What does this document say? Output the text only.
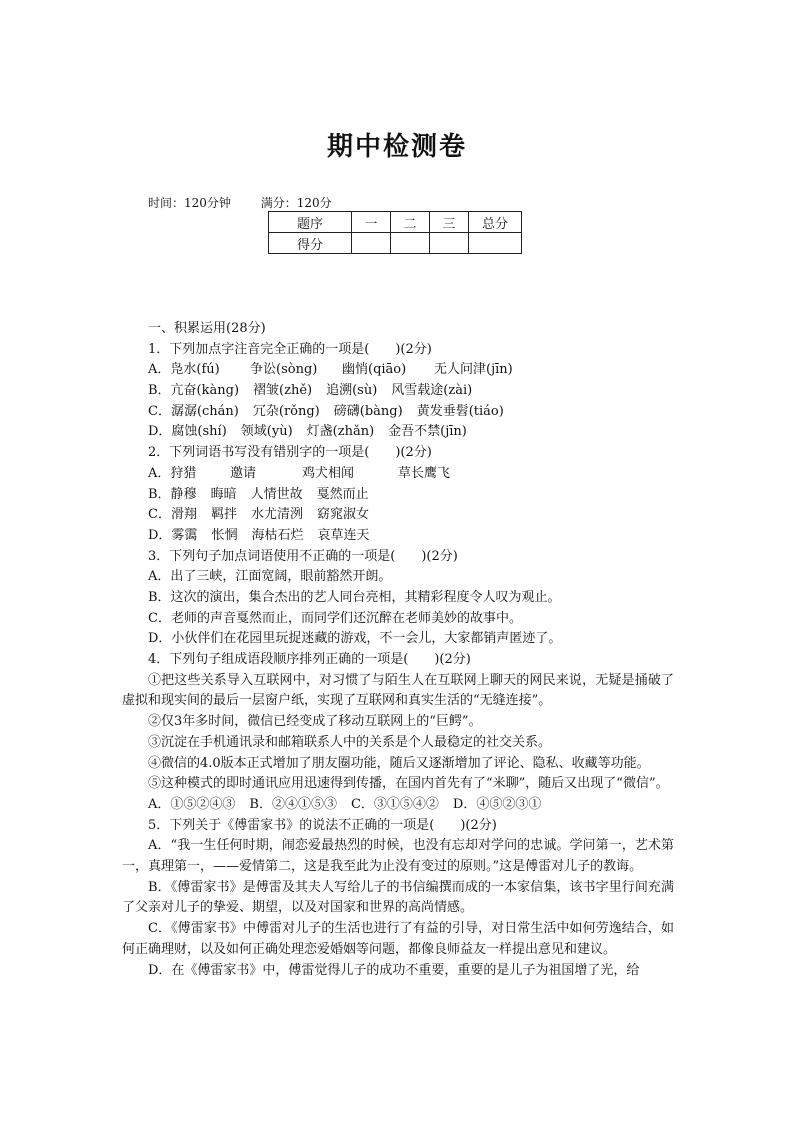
期中检测卷
时间：120分钟 满分：120分
题序	一	二	三	总分
得分				
一、积累运用(28分)
1．下列加点字注音完全正确的一项是(　　)(2分)
A．凫水(fú) 争讼(sòng) 幽悄(qiāo) 无人问津(jīn)
B．亢奋(kàng) 褶皱(zhě) 追溯(sù) 风雪载途(zài)
C．潺潺(chán) 冗杂(rǒng) 磅礴(bàng) 黄发垂髫(tiáo)
D．腐蚀(shí) 领域(yù) 灯盏(zhǎn) 金吾不禁(jīn)
2．下列词语书写没有错别字的一项是(　　)(2分)
A．狩猎	邀请	鸡犬相闻	草长鹰飞
B．静穆 晦暗 人情世故 戛然而止
C．滑翔 羁拌 水尤清洌 窈窕淑女
D．雾霭 怅惘 海枯石烂 哀草连天
3．下列句子加点词语使用不正确的一项是(　　)(2分)
A．出了三峡，江面宽阔，眼前豁然开朗。
B．这次的演出，集合杰出的艺人同台亮相，其精彩程度令人叹为观止。
C．老师的声音戛然而止，而同学们还沉醉在老师美妙的故事中。
D．小伙伴们在花园里玩捉迷藏的游戏，不一会儿，大家都销声匿迹了。
4．下列句子组成语段顺序排列正确的一项是(　　)(2分)
①把这些关系导入互联网中，对习惯了与陌生人在互联网上聊天的网民来说，无疑是捅破了虚拟和现实间的最后一层窗户纸，实现了互联网和真实生活的“无缝连接”。
②仅3年多时间，微信已经变成了移动互联网上的“巨鳄”。
③沉淀在手机通讯录和邮箱联系人中的关系是个人最稳定的社交关系。
④微信的4.0版本正式增加了朋友圈功能，随后又逐渐增加了评论、隐私、收藏等功能。
⑤这种模式的即时通讯应用迅速得到传播，在国内首先有了“米聊”，随后又出现了“微信”。
A．①⑤②④③ B．②④①⑤③ C．③①⑤④② D．④⑤②③①
5．下列关于《傅雷家书》的说法不正确的一项是(　　)(2分)
A．“我一生任何时期，闹恋爱最热烈的时候，也没有忘却对学问的忠诚。学问第一，艺术第一，真理第一，——爱情第二，这是我至此为止没有变过的原则。”这是傅雷对儿子的教诲。
B．《傅雷家书》是傅雷及其夫人写给儿子的书信编撰而成的一本家信集，该书字里行间充满了父亲对儿子的挚爱、期望，以及对国家和世界的高尚情感。
C．《傅雷家书》中傅雷对儿子的生活也进行了有益的引导，对日常生活中如何劳逸结合，如何正确理财，以及如何正确处理恋爱婚姻等问题，都像良师益友一样提出意见和建议。
D．在《傅雷家书》中，傅雷觉得儿子的成功不重要，重要的是儿子为祖国增了光，给
